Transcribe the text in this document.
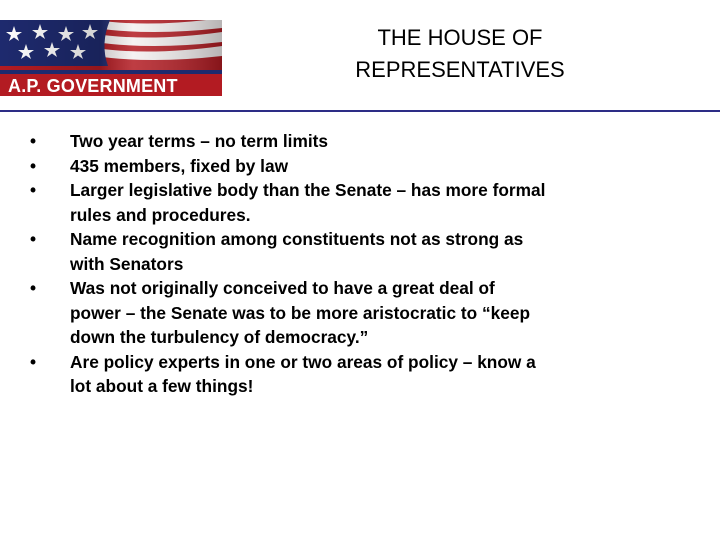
A.P. GOVERNMENT
THE HOUSE OF
REPRESENTATIVES
•	Two year terms – no term limits
•	435 members, fixed by law
•	Larger legislative body than the Senate – has more formal
rules and procedures.
•	Name recognition among constituents not as strong as
with Senators
•	Was not originally conceived to have a great deal of
power – the Senate was to be more aristocratic to “keep
down the turbulency of democracy.”
•	Are policy experts in one or two areas of policy – know a
lot about a few things!
